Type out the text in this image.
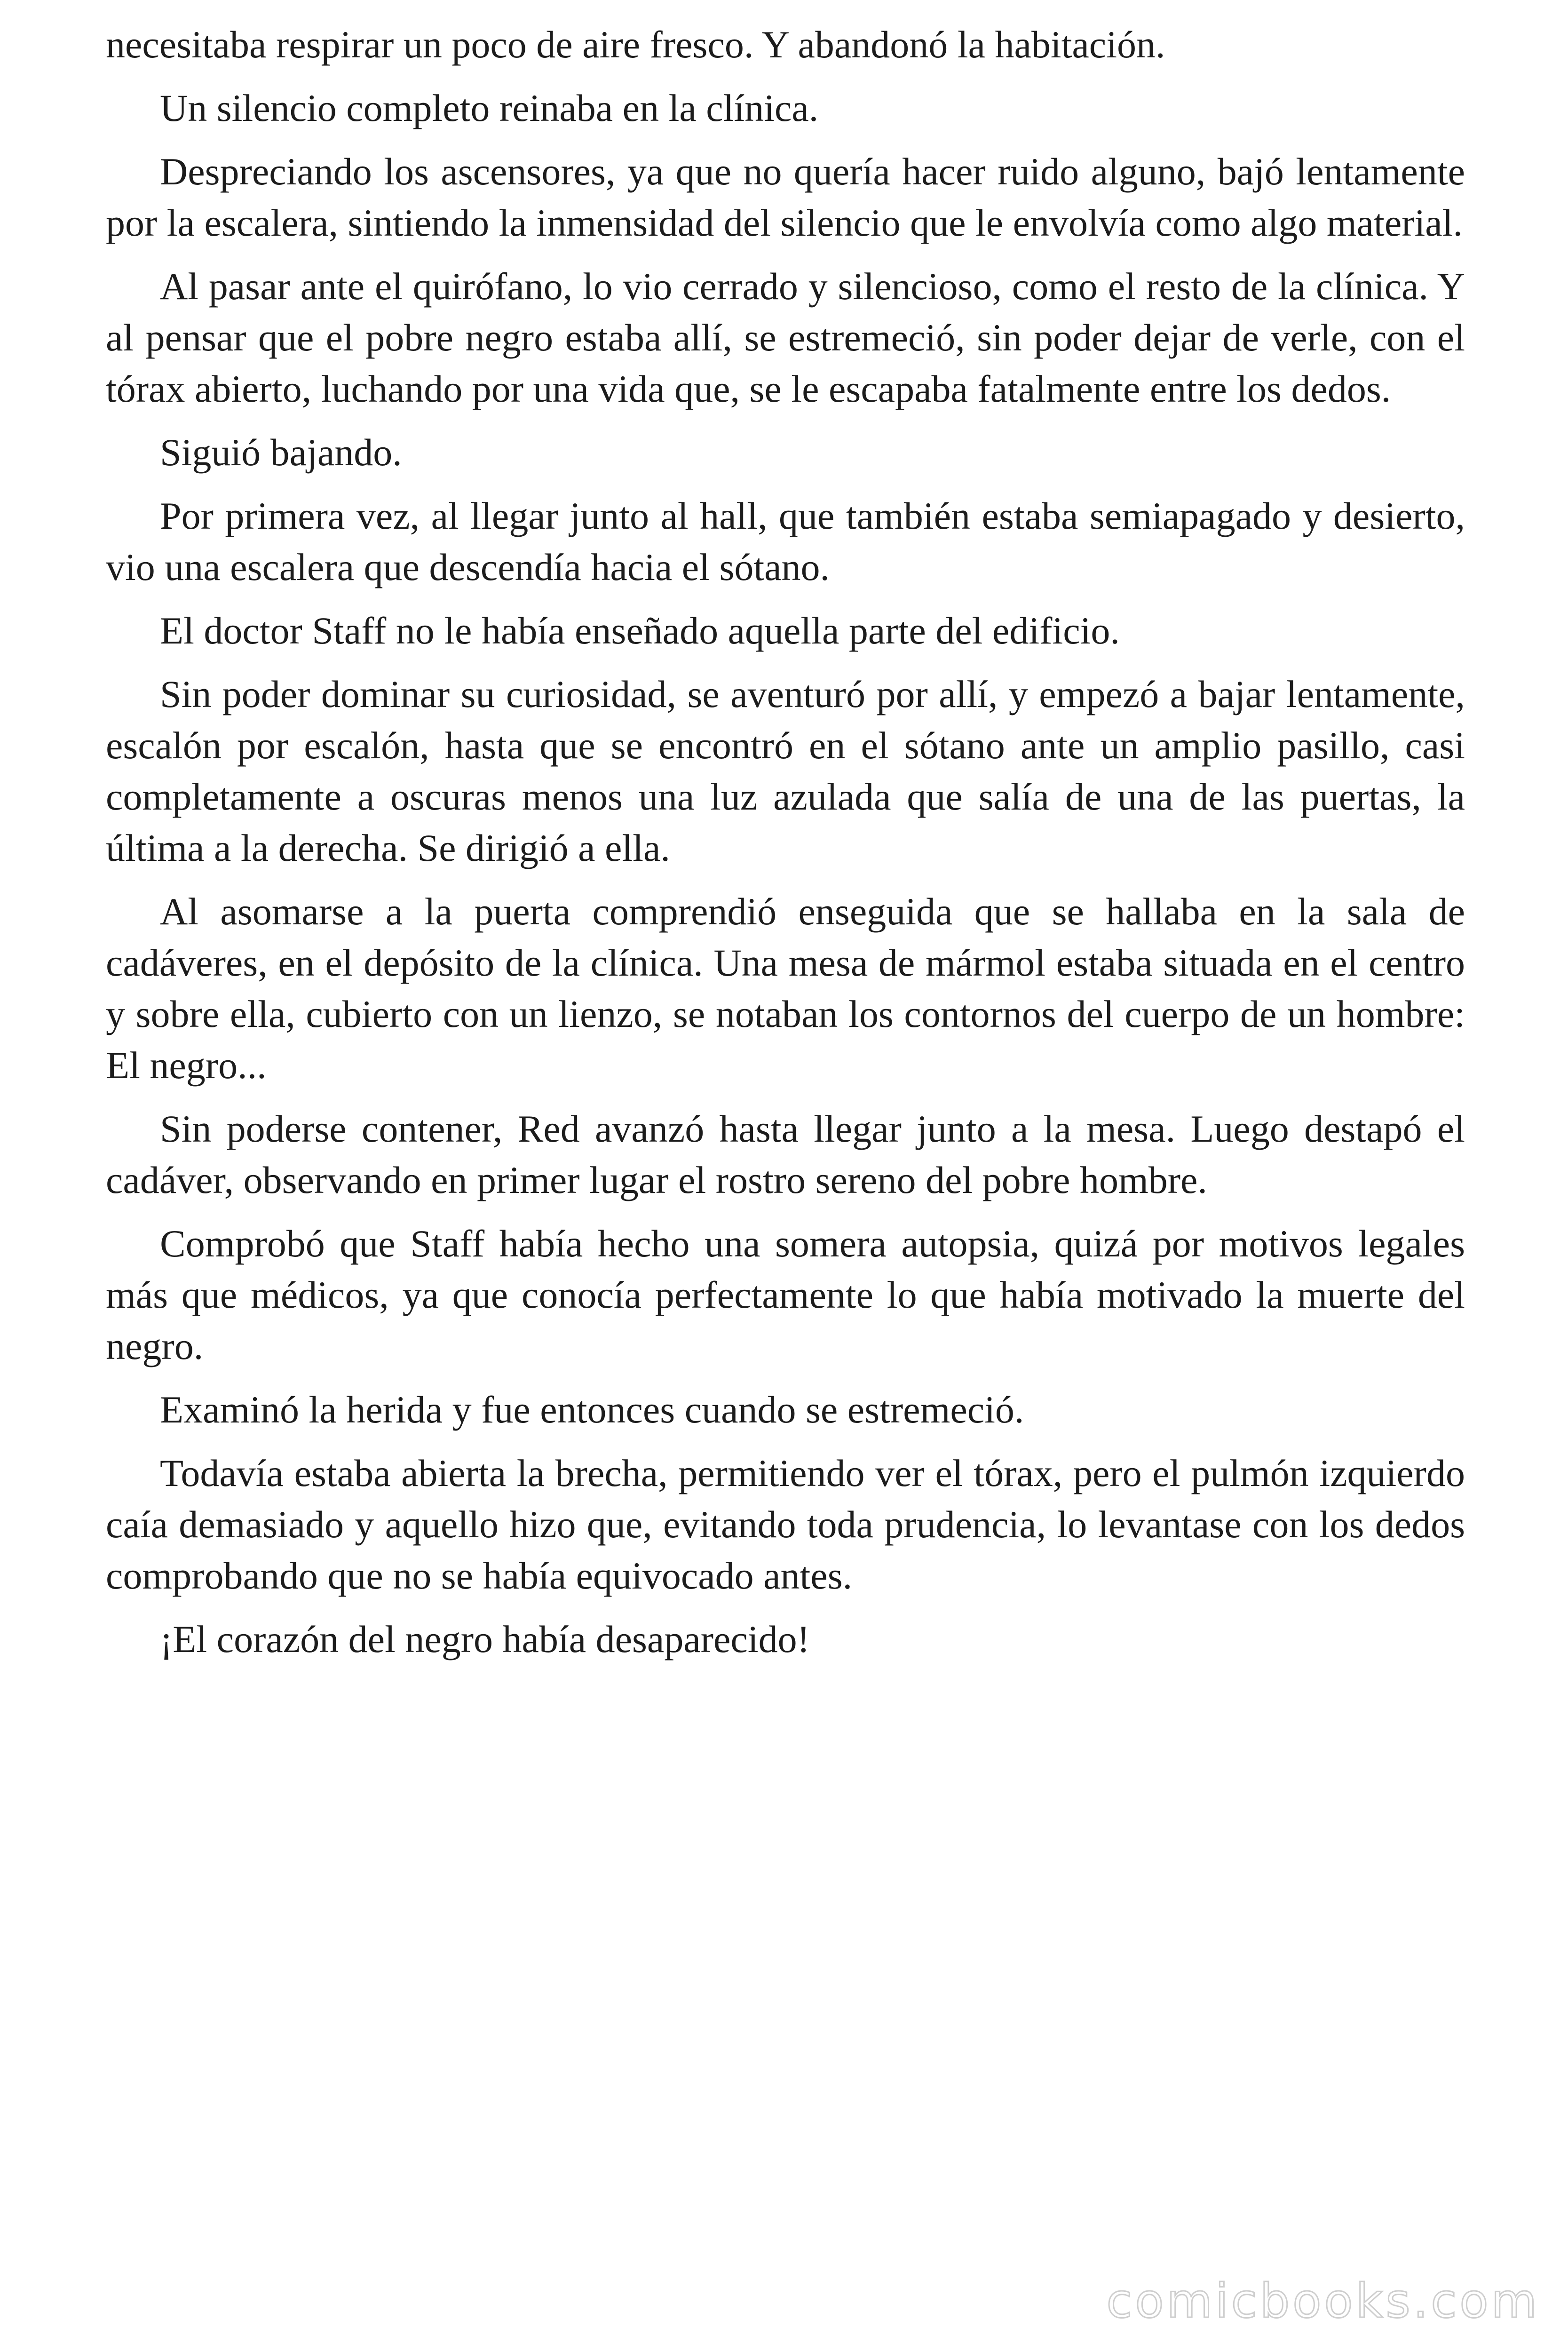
necesitaba respirar un poco de aire fresco. Y abandonó la habitación.

Un silencio completo reinaba en la clínica.

Despreciando los ascensores, ya que no quería hacer ruido alguno, bajó lentamente por la escalera, sintiendo la inmensidad del silencio que le envolvía como algo material.

Al pasar ante el quirófano, lo vio cerrado y silencioso, como el resto de la clínica. Y al pensar que el pobre negro estaba allí, se estremeció, sin poder dejar de verle, con el tórax abierto, luchando por una vida que, se le escapaba fatalmente entre los dedos.

Siguió bajando.

Por primera vez, al llegar junto al hall, que también estaba semiapagado y desierto, vio una escalera que descendía hacia el sótano.

El doctor Staff no le había enseñado aquella parte del edificio.

Sin poder dominar su curiosidad, se aventuró por allí, y empezó a bajar lentamente, escalón por escalón, hasta que se encontró en el sótano ante un amplio pasillo, casi completamente a oscuras menos una luz azulada que salía de una de las puertas, la última a la derecha. Se dirigió a ella.

Al asomarse a la puerta comprendió enseguida que se hallaba en la sala de cadáveres, en el depósito de la clínica. Una mesa de mármol estaba situada en el centro y sobre ella, cubierto con un lienzo, se notaban los contornos del cuerpo de un hombre: El negro...

Sin poderse contener, Red avanzó hasta llegar junto a la mesa. Luego destapó el cadáver, observando en primer lugar el rostro sereno del pobre hombre.

Comprobó que Staff había hecho una somera autopsia, quizá por motivos legales más que médicos, ya que conocía perfectamente lo que había motivado la muerte del negro.

Examinó la herida y fue entonces cuando se estremeció.

Todavía estaba abierta la brecha, permitiendo ver el tórax, pero el pulmón izquierdo caía demasiado y aquello hizo que, evitando toda prudencia, lo levantase con los dedos comprobando que no se había equivocado antes.

¡El corazón del negro había desaparecido!

comicbooks.com
